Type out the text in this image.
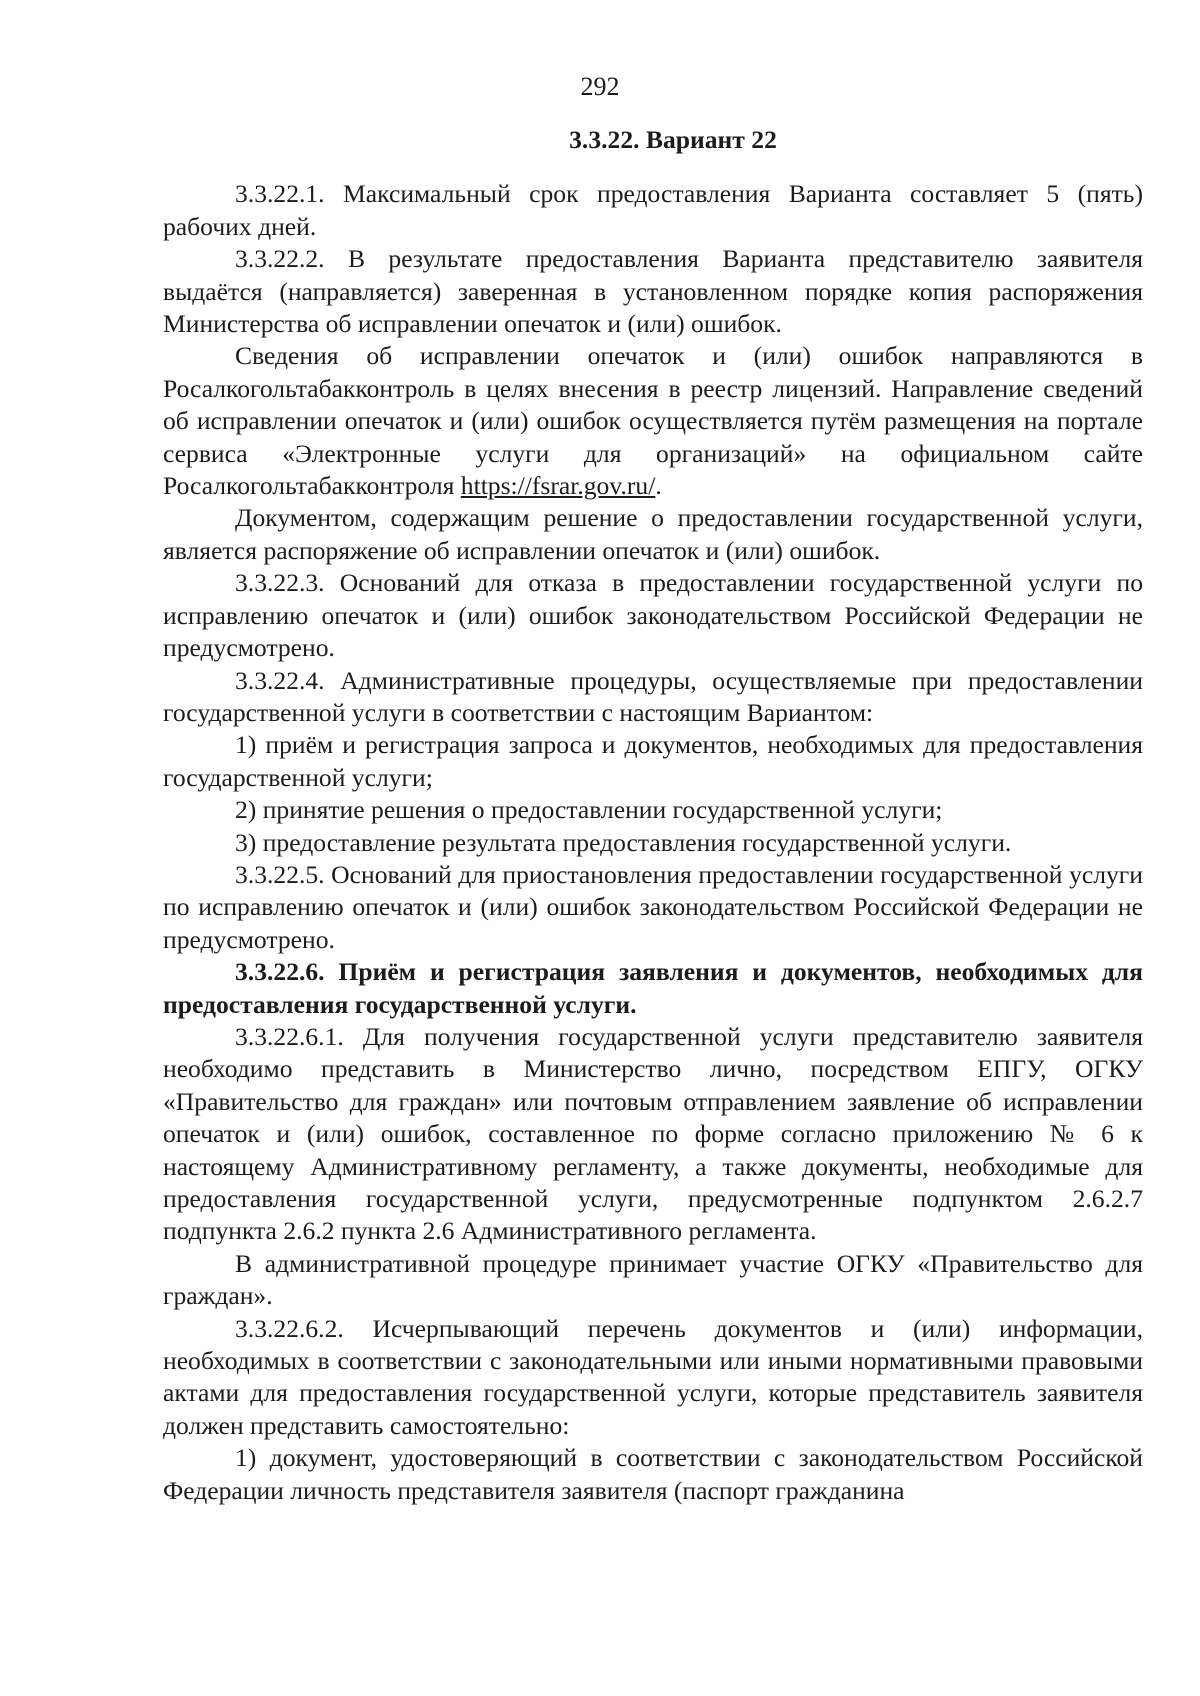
292
3.3.22. Вариант 22

3.3.22.1. Максимальный срок предоставления Варианта составляет 5 (пять) рабочих дней.

3.3.22.2. В результате предоставления Варианта представителю заявителя выдаётся (направляется) заверенная в установленном порядке копия распоряжения Министерства об исправлении опечаток и (или) ошибок.

Сведения об исправлении опечаток и (или) ошибок направляются в Росалкогольтабакконтроль в целях внесения в реестр лицензий. Направление сведений об исправлении опечаток и (или) ошибок осуществляется путём размещения на портале сервиса «Электронные услуги для организаций» на официальном сайте Росалкогольтабакконтроля https://fsrar.gov.ru/.

Документом, содержащим решение о предоставлении государственной услуги, является распоряжение об исправлении опечаток и (или) ошибок.

3.3.22.3. Оснований для отказа в предоставлении государственной услуги по исправлению опечаток и (или) ошибок законодательством Российской Федерации не предусмотрено.

3.3.22.4. Административные процедуры, осуществляемые при предоставлении государственной услуги в соответствии с настоящим Вариантом:

1) приём и регистрация запроса и документов, необходимых для предоставления государственной услуги;

2) принятие решения о предоставлении государственной услуги;

3) предоставление результата предоставления государственной услуги.

3.3.22.5. Оснований для приостановления предоставлении государственной услуги по исправлению опечаток и (или) ошибок законодательством Российской Федерации не предусмотрено.

3.3.22.6. Приём и регистрация заявления и документов, необходимых для предоставления государственной услуги.

3.3.22.6.1. Для получения государственной услуги представителю заявителя необходимо представить в Министерство лично, посредством ЕПГУ, ОГКУ «Правительство для граждан» или почтовым отправлением заявление об исправлении опечаток и (или) ошибок, составленное по форме согласно приложению № 6 к настоящему Административному регламенту, а также документы, необходимые для предоставления государственной услуги, предусмотренные подпунктом 2.6.2.7 подпункта 2.6.2 пункта 2.6 Административного регламента.

В административной процедуре принимает участие ОГКУ «Правительство для граждан».

3.3.22.6.2. Исчерпывающий перечень документов и (или) информации, необходимых в соответствии с законодательными или иными нормативными правовыми актами для предоставления государственной услуги, которые представитель заявителя должен представить самостоятельно:

1) документ, удостоверяющий в соответствии с законодательством Российской Федерации личность представителя заявителя (паспорт гражданина
